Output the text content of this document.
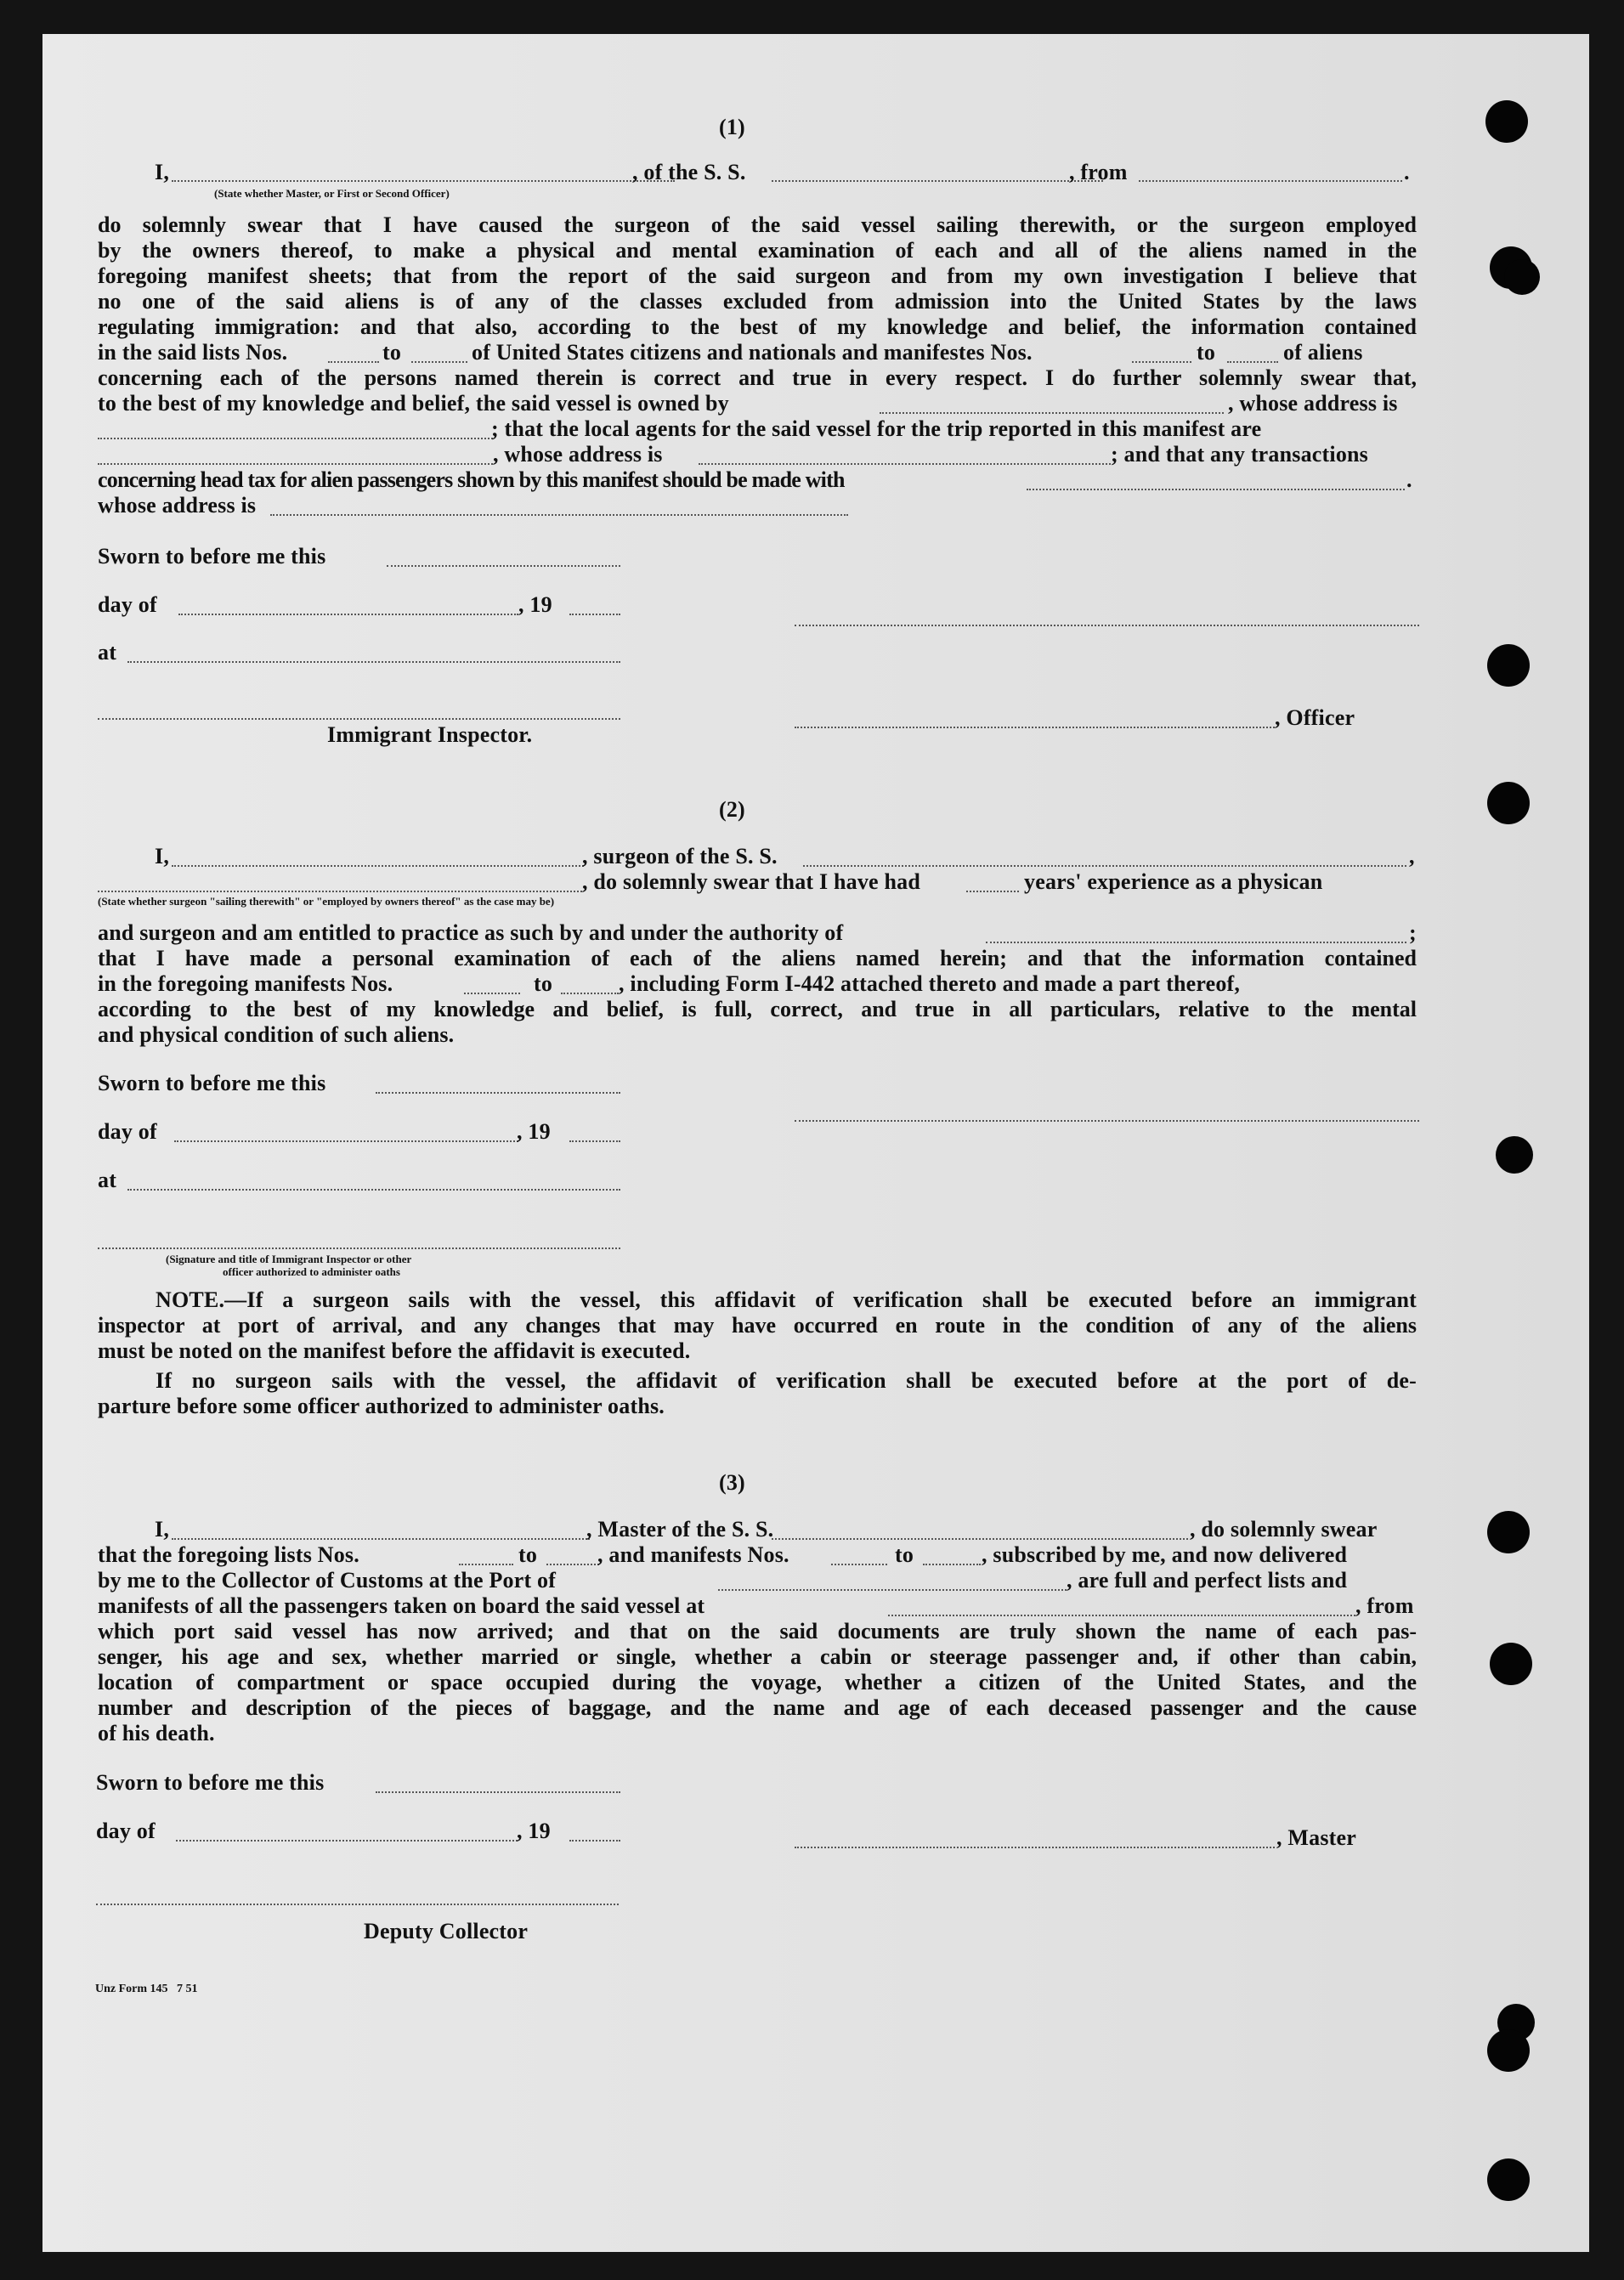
(1)
I,
(State whether Master, or First or Second Officer)
, of the S. S.	, from	.
do solemnly swear that I have caused the surgeon of the said vessel sailing therewith, or the surgeon employed
by the owners thereof, to make a physical and mental examination of each and all of the aliens named in the
foregoing manifest sheets; that from the report of the said surgeon and from my own investigation I believe that
no one of the said aliens is of any of the classes excluded from admission into the United States by the laws
regulating immigration: and that also, according to the best of my knowledge and belief, the information contained
in the said lists Nos.	to	of United States citizens and nationals and manifestes Nos.	to	of aliens
concerning each of the persons named therein is correct and true in every respect. I do further solemnly swear that,
to the best of my knowledge and belief, the said vessel is owned by	, whose address is
; that the local agents for the said vessel for the trip reported in this manifest are
, whose address is	; and that any transactions
concerning head tax for alien passengers shown by this manifest should be made with	.
whose address is
Sworn to before me this
day of	, 19
at
, Officer
Immigrant Inspector.
(2)
I,	, surgeon of the S. S.	,
, do solemnly swear that I have had	years' experience as a physican
(State whether surgeon "sailing therewith" or "employed by owners thereof" as the case may be)
and surgeon and am entitled to practice as such by and under the authority of	;
that I have made a personal examination of each of the aliens named herein; and that the information contained
in the foregoing manifests Nos.	to	, including Form I-442 attached thereto and made a part thereof,
according to the best of my knowledge and belief, is full, correct, and true in all particulars, relative to the mental
and physical condition of such aliens.
Sworn to before me this
day of	, 19
at
(Signature and title of Immigrant Inspector or other
officer authorized to administer oaths
NOTE.—If a surgeon sails with the vessel, this affidavit of verification shall be executed before an immigrant
inspector at port of arrival, and any changes that may have occurred en route in the condition of any of the aliens
must be noted on the manifest before the affidavit is executed.
If no surgeon sails with the vessel, the affidavit of verification shall be executed before at the port of de-
parture before some officer authorized to administer oaths.
(3)
I,	, Master of the S. S.	, do solemnly swear
that the foregoing lists Nos.	to	, and manifests Nos.	to	, subscribed by me, and now delivered
by me to the Collector of Customs at the Port of	, are full and perfect lists and
manifests of all the passengers taken on board the said vessel at	, from
which port said vessel has now arrived; and that on the said documents are truly shown the name of each pas-
senger, his age and sex, whether married or single, whether a cabin or steerage passenger and, if other than cabin,
location of compartment or space occupied during the voyage, whether a citizen of the United States, and the
number and description of the pieces of baggage, and the name and age of each deceased passenger and the cause
of his death.
Sworn to before me this
day of	, 19	, Master
Deputy Collector
Unz Form 145   7 51
